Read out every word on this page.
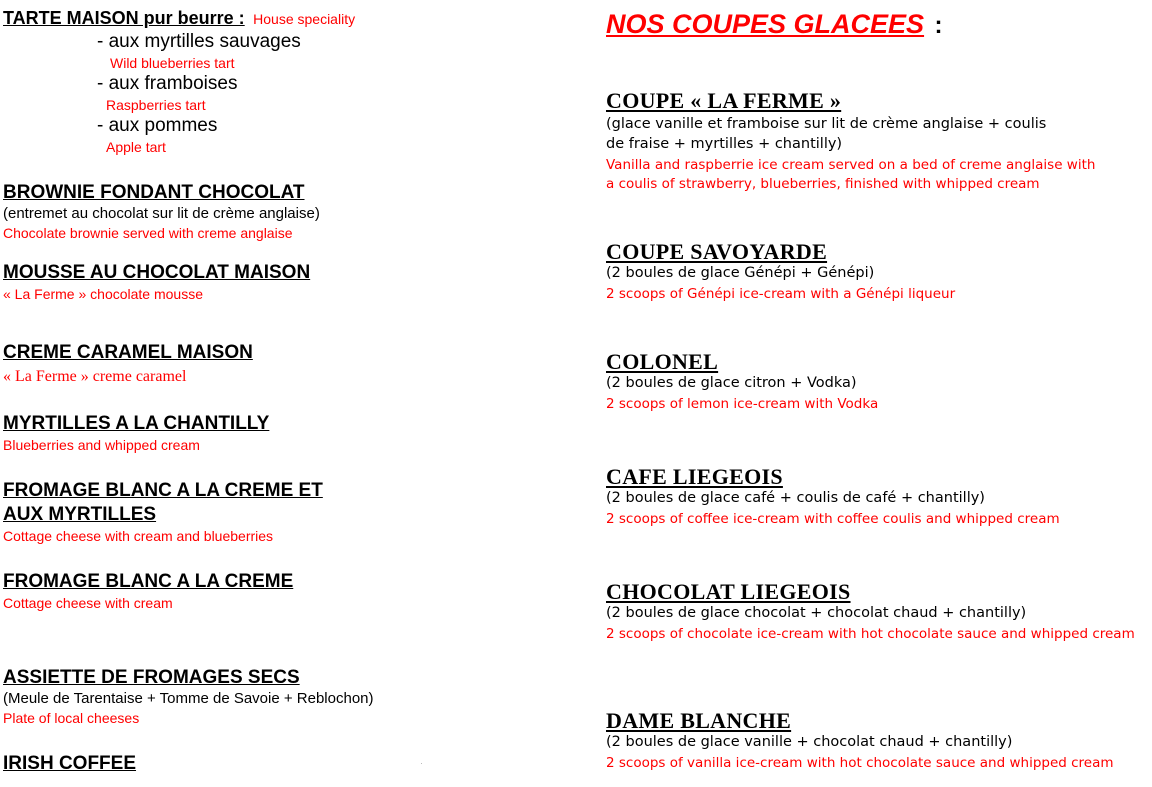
TARTE MAISON pur beurre : House speciality
- aux myrtilles sauvages
Wild blueberries tart
- aux framboises
Raspberries tart
- aux pommes
Apple tart
BROWNIE FONDANT CHOCOLAT
(entremet au chocolat sur lit de crème anglaise)
Chocolate brownie served with creme anglaise
MOUSSE AU CHOCOLAT MAISON
« La Ferme » chocolate mousse
CREME CARAMEL MAISON
« La Ferme » creme caramel
MYRTILLES A LA CHANTILLY
Blueberries and whipped cream
FROMAGE BLANC A LA CREME ET
AUX MYRTILLES
Cottage cheese with cream and blueberries
FROMAGE BLANC A LA CREME
Cottage cheese with cream
ASSIETTE DE FROMAGES SECS
(Meule de Tarentaise + Tomme de Savoie + Reblochon)
Plate of local cheeses
IRISH COFFEE
NOS COUPES GLACEES :
COUPE « LA FERME »
(glace vanille et framboise sur lit de crème anglaise + coulis
de fraise + myrtilles + chantilly)
Vanilla and raspberrie ice cream served on a bed of creme anglaise with
a coulis of strawberry, blueberries, finished with whipped cream
COUPE SAVOYARDE
(2 boules de glace Génépi + Génépi)
2 scoops of Génépi ice-cream with a Génépi liqueur
COLONEL
(2 boules de glace citron + Vodka)
2 scoops of lemon ice-cream with Vodka
CAFE LIEGEOIS
(2 boules de glace café + coulis de café + chantilly)
2 scoops of coffee ice-cream with coffee coulis and whipped cream
CHOCOLAT LIEGEOIS
(2 boules de glace chocolat + chocolat chaud + chantilly)
2 scoops of chocolate ice-cream with hot chocolate sauce and whipped cream
DAME BLANCHE
(2 boules de glace vanille + chocolat chaud + chantilly)
2 scoops of vanilla ice-cream with hot chocolate sauce and whipped cream
